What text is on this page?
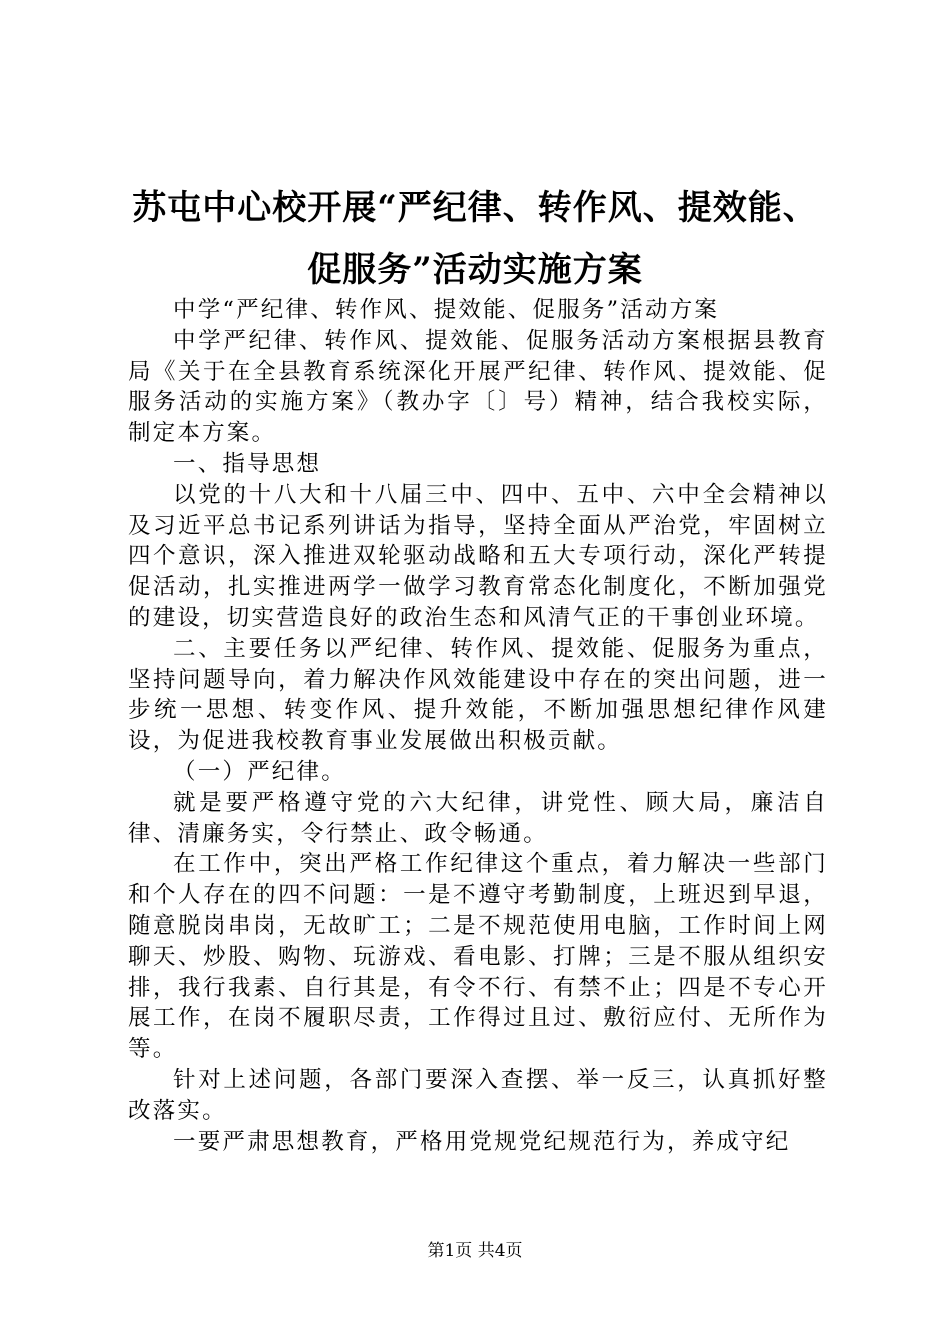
苏屯中心校开展“严纪律、转作风、提效能、
促服务”活动实施方案

中学“严纪律、转作风、提效能、促服务”活动方案

中学严纪律、转作风、提效能、促服务活动方案根据县教育局《关于在全县教育系统深化开展严纪律、转作风、提效能、促服务活动的实施方案》（教办字〔〕号）精神，结合我校实际，制定本方案。

一、指导思想

以党的十八大和十八届三中、四中、五中、六中全会精神以及习近平总书记系列讲话为指导，坚持全面从严治党，牢固树立四个意识，深入推进双轮驱动战略和五大专项行动，深化严转提促活动，扎实推进两学一做学习教育常态化制度化，不断加强党的建设，切实营造良好的政治生态和风清气正的干事创业环境。

二、主要任务以严纪律、转作风、提效能、促服务为重点，坚持问题导向，着力解决作风效能建设中存在的突出问题，进一步统一思想、转变作风、提升效能，不断加强思想纪律作风建设，为促进我校教育事业发展做出积极贡献。

（一）严纪律。

就是要严格遵守党的六大纪律，讲党性、顾大局，廉洁自律、清廉务实，令行禁止、政令畅通。

在工作中，突出严格工作纪律这个重点，着力解决一些部门和个人存在的四不问题：一是不遵守考勤制度，上班迟到早退，随意脱岗串岗，无故旷工；二是不规范使用电脑，工作时间上网聊天、炒股、购物、玩游戏、看电影、打牌；三是不服从组织安排，我行我素、自行其是，有令不行、有禁不止；四是不专心开展工作，在岗不履职尽责，工作得过且过、敷衍应付、无所作为等。

针对上述问题，各部门要深入查摆、举一反三，认真抓好整改落实。

一要严肃思想教育，严格用党规党纪规范行为，养成守纪

第1页 共4页
